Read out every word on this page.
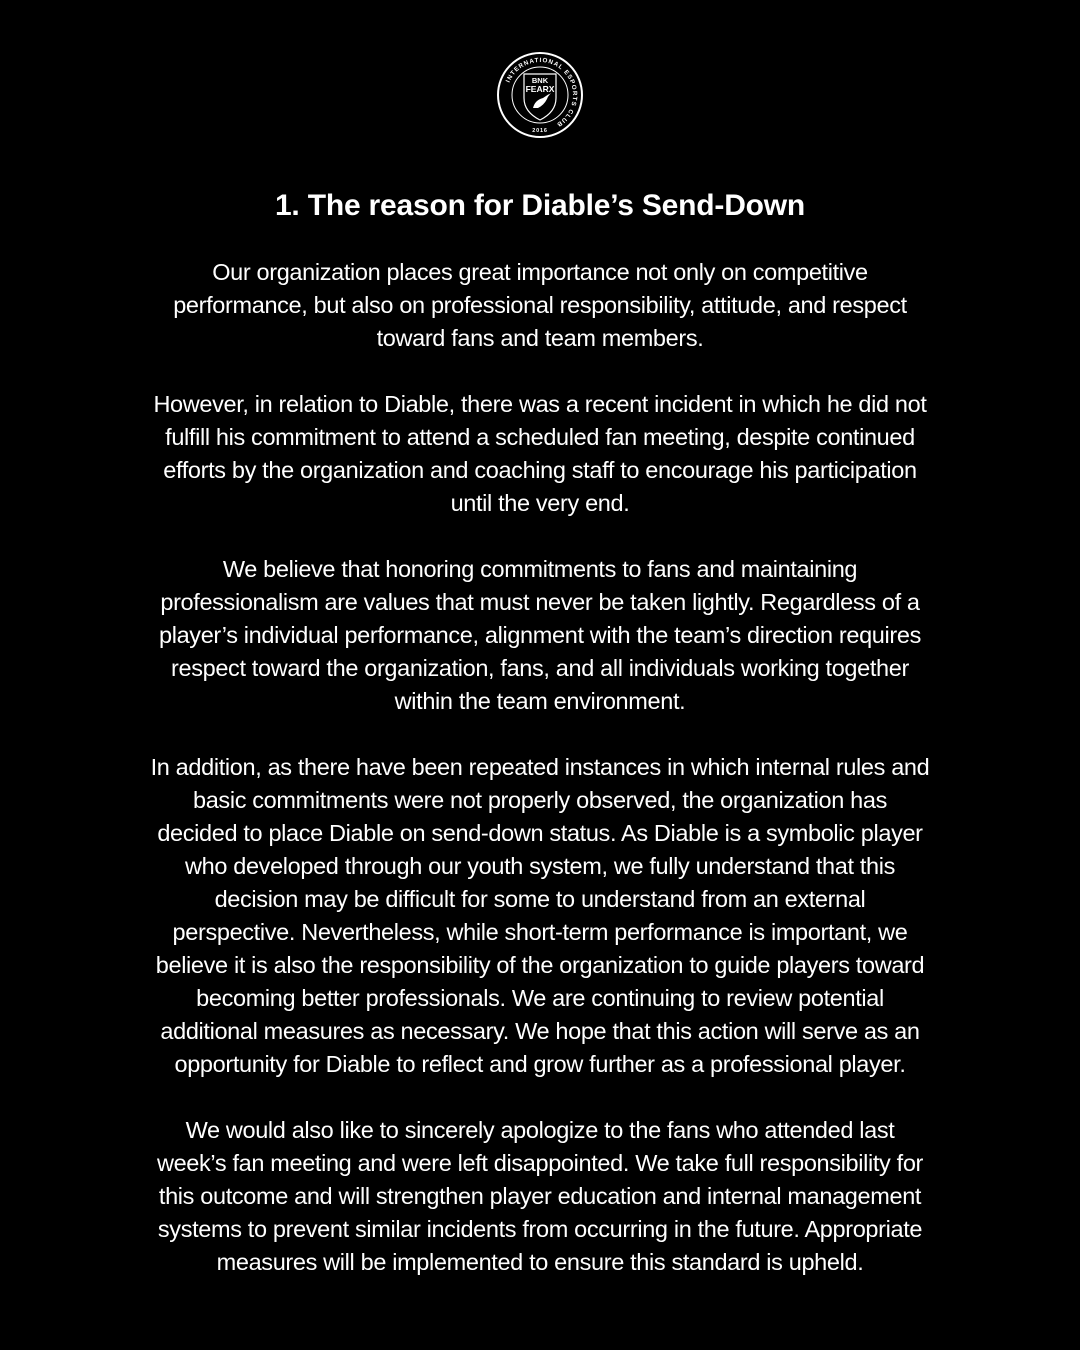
INTERNATIONAL ESPORTS CLUB
BNK
FEARX
2016
1. The reason for Diable’s Send-Down

Our organization places great importance not only on competitive
performance, but also on professional responsibility, attitude, and respect
toward fans and team members.

However, in relation to Diable, there was a recent incident in which he did not
fulfill his commitment to attend a scheduled fan meeting, despite continued
efforts by the organization and coaching staff to encourage his participation
until the very end.

We believe that honoring commitments to fans and maintaining
professionalism are values that must never be taken lightly. Regardless of a
player’s individual performance, alignment with the team’s direction requires
respect toward the organization, fans, and all individuals working together
within the team environment.

In addition, as there have been repeated instances in which internal rules and
basic commitments were not properly observed, the organization has
decided to place Diable on send-down status. As Diable is a symbolic player
who developed through our youth system, we fully understand that this
decision may be difficult for some to understand from an external
perspective. Nevertheless, while short-term performance is important, we
believe it is also the responsibility of the organization to guide players toward
becoming better professionals. We are continuing to review potential
additional measures as necessary. We hope that this action will serve as an
opportunity for Diable to reflect and grow further as a professional player.

We would also like to sincerely apologize to the fans who attended last
week’s fan meeting and were left disappointed. We take full responsibility for
this outcome and will strengthen player education and internal management
systems to prevent similar incidents from occurring in the future. Appropriate
measures will be implemented to ensure this standard is upheld.
